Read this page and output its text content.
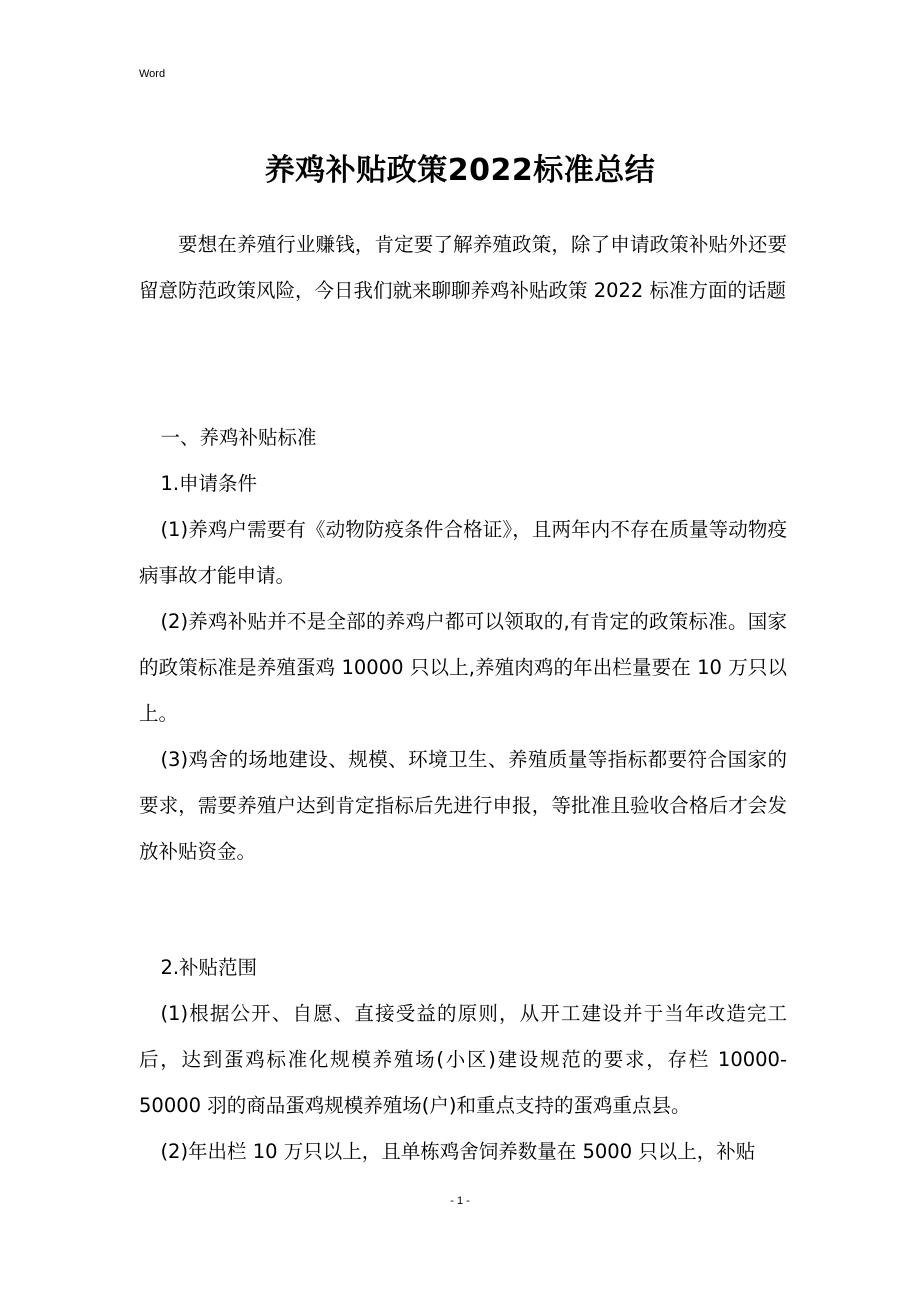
Word
养鸡补贴政策2022标准总结

要想在养殖行业赚钱，肯定要了解养殖政策，除了申请政策补贴外还要留意防范政策风险，今日我们就来聊聊养鸡补贴政策 2022 标准方面的话题

一、养鸡补贴标准

1.申请条件

(1)养鸡户需要有《动物防疫条件合格证》，且两年内不存在质量等动物疫病事故才能申请。

(2)养鸡补贴并不是全部的养鸡户都可以领取的,有肯定的政策标准。国家的政策标准是养殖蛋鸡 10000 只以上,养殖肉鸡的年出栏量要在 10 万只以上。

(3)鸡舍的场地建设、规模、环境卫生、养殖质量等指标都要符合国家的要求，需要养殖户达到肯定指标后先进行申报，等批准且验收合格后才会发放补贴资金。

2.补贴范围

(1)根据公开、自愿、直接受益的原则，从开工建设并于当年改造完工后，达到蛋鸡标准化规模养殖场(小区)建设规范的要求，存栏 10000-50000 羽的商品蛋鸡规模养殖场(户)和重点支持的蛋鸡重点县。

(2)年出栏 10 万只以上，且单栋鸡舍饲养数量在 5000 只以上，补贴

- 1 -
